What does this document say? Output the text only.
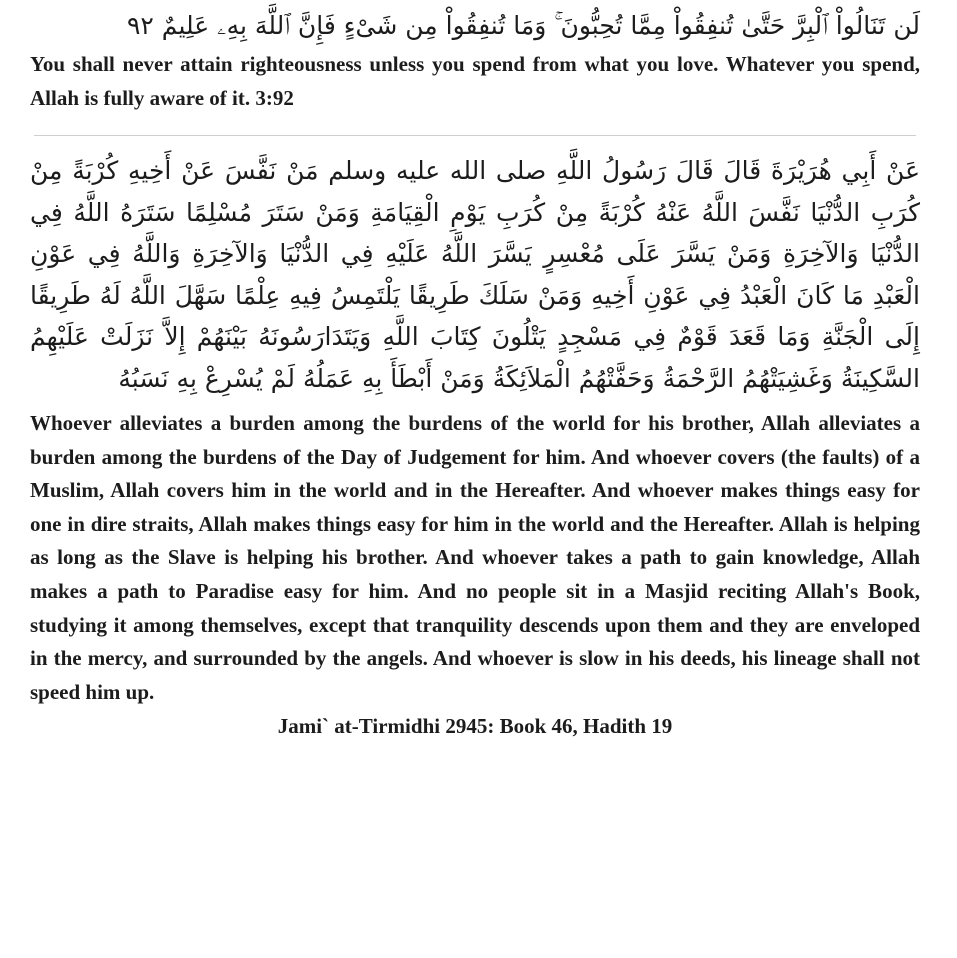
لَن تَنَالُواْ ٱلْبِرَّ حَتَّىٰ تُنفِقُواْ مِمَّا تُحِبُّونَ ۚ وَمَا تُنفِقُواْ مِن شَىْءٍ فَإِنَّ ٱللَّهَ بِهِۦ عَلِيمٌ ٩٢
You shall never attain righteousness unless you spend from what you love. Whatever you spend, Allah is fully aware of it. 3:92
عَنْ أَبِي هُرَيْرَةَ قَالَ قَالَ رَسُولُ اللَّهِ صلى الله عليه وسلم مَنْ نَفَّسَ عَنْ أَخِيهِ كُرْبَةً مِنْ كُرَبِ الدُّنْيَا نَفَّسَ اللَّهُ عَنْهُ كُرْبَةً مِنْ كُرَبِ يَوْمِ الْقِيَامَةِ وَمَنْ سَتَرَ مُسْلِمًا سَتَرَهُ اللَّهُ فِي الدُّنْيَا وَالآخِرَةِ وَمَنْ يَسَّرَ عَلَى مُعْسِرٍ يَسَّرَ اللَّهُ عَلَيْهِ فِي الدُّنْيَا وَالآخِرَةِ وَاللَّهُ فِي عَوْنِ الْعَبْدِ مَا كَانَ الْعَبْدُ فِي عَوْنِ أَخِيهِ وَمَنْ سَلَكَ طَرِيقًا يَلْتَمِسُ فِيهِ عِلْمًا سَهَّلَ اللَّهُ لَهُ طَرِيقًا إِلَى الْجَنَّةِ وَمَا قَعَدَ قَوْمٌ فِي مَسْجِدٍ يَتْلُونَ كِتَابَ اللَّهِ وَيَتَدَارَسُونَهُ بَيْنَهُمْ إِلاَّ نَزَلَتْ عَلَيْهِمُ السَّكِينَةُ وَغَشِيَتْهُمُ الرَّحْمَةُ وَحَفَّتْهُمُ الْمَلاَئِكَةُ وَمَنْ أَبْطَأَ بِهِ عَمَلُهُ لَمْ يُسْرِعْ بِهِ نَسَبُهُ
Whoever alleviates a burden among the burdens of the world for his brother, Allah alleviates a burden among the burdens of the Day of Judgement for him. And whoever covers (the faults) of a Muslim, Allah covers him in the world and in the Hereafter. And whoever makes things easy for one in dire straits, Allah makes things easy for him in the world and the Hereafter. Allah is helping as long as the Slave is helping his brother. And whoever takes a path to gain knowledge, Allah makes a path to Paradise easy for him. And no people sit in a Masjid reciting Allah's Book, studying it among themselves, except that tranquility descends upon them and they are enveloped in the mercy, and surrounded by the angels. And whoever is slow in his deeds, his lineage shall not speed him up.
Jami` at-Tirmidhi 2945: Book 46, Hadith 19
